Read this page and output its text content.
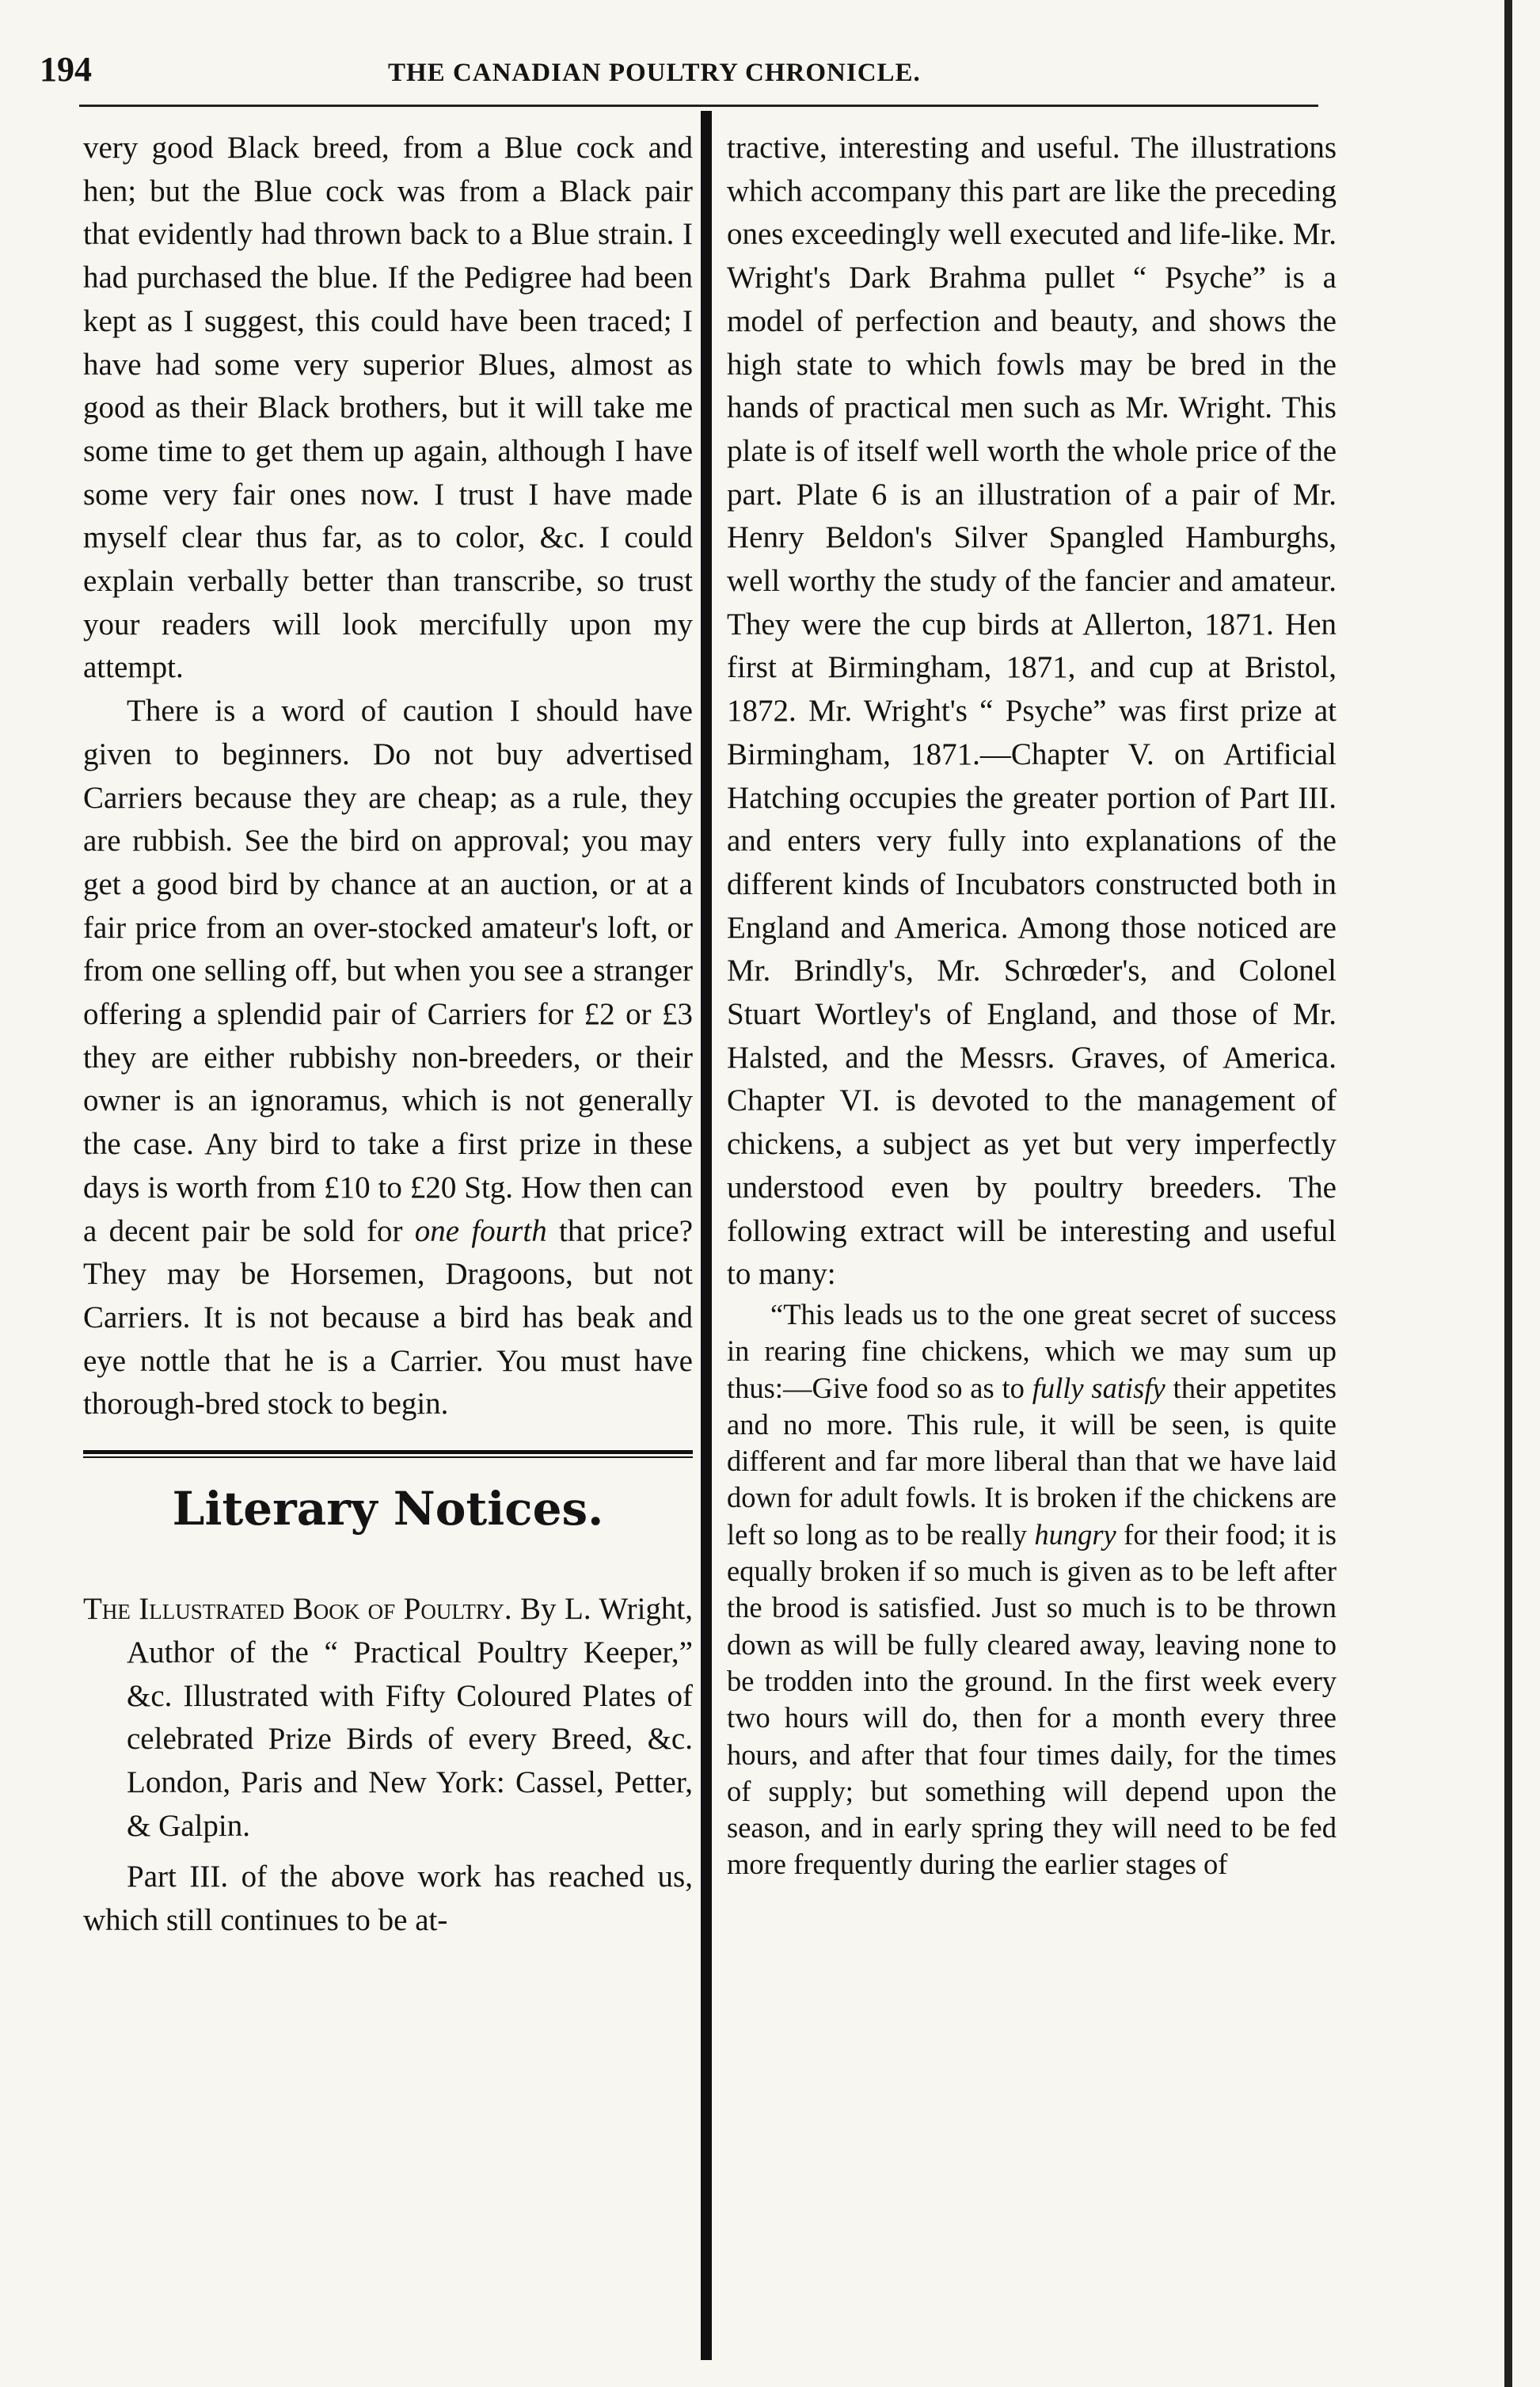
194	THE CANADIAN POULTRY CHRONICLE.

very good Black breed, from a Blue cock and hen; but the Blue cock was from a Black pair that evidently had thrown back to a Blue strain. I had purchased the blue. If the Pedigree had been kept as I suggest, this could have been traced; I have had some very superior Blues, almost as good as their Black brothers, but it will take me some time to get them up again, although I have some very fair ones now. I trust I have made myself clear thus far, as to color, &c. I could explain verbally better than transcribe, so trust your readers will look mercifully upon my attempt.

There is a word of caution I should have given to beginners. Do not buy advertised Carriers because they are cheap; as a rule, they are rubbish. See the bird on approval; you may get a good bird by chance at an auction, or at a fair price from an over-stocked amateur's loft, or from one selling off, but when you see a stranger offering a splendid pair of Carriers for £2 or £3 they are either rubbishy non-breeders, or their owner is an ignoramus, which is not generally the case. Any bird to take a first prize in these days is worth from £10 to £20 Stg. How then can a decent pair be sold for one fourth that price? They may be Horsemen, Dragoons, but not Carriers. It is not because a bird has beak and eye nottle that he is a Carrier. You must have thorough-bred stock to begin.

Literary Notices.

The Illustrated Book of Poultry. By L. Wright, Author of the “ Practical Poultry Keeper,” &c. Illustrated with Fifty Coloured Plates of celebrated Prize Birds of every Breed, &c. London, Paris and New York: Cassel, Petter, & Galpin.

Part III. of the above work has reached us, which still continues to be at-

tractive, interesting and useful. The illustrations which accompany this part are like the preceding ones exceedingly well executed and life-like. Mr. Wright's Dark Brahma pullet “ Psyche” is a model of perfection and beauty, and shows the high state to which fowls may be bred in the hands of practical men such as Mr. Wright. This plate is of itself well worth the whole price of the part. Plate 6 is an illustration of a pair of Mr. Henry Beldon's Silver Spangled Hamburghs, well worthy the study of the fancier and amateur. They were the cup birds at Allerton, 1871. Hen first at Birmingham, 1871, and cup at Bristol, 1872. Mr. Wright's “ Psyche” was first prize at Birmingham, 1871.—Chapter V. on Artificial Hatching occupies the greater portion of Part III. and enters very fully into explanations of the different kinds of Incubators constructed both in England and America. Among those noticed are Mr. Brindly's, Mr. Schrœder's, and Colonel Stuart Wortley's of England, and those of Mr. Halsted, and the Messrs. Graves, of America. Chapter VI. is devoted to the management of chickens, a subject as yet but very imperfectly understood even by poultry breeders. The following extract will be interesting and useful to many:

“This leads us to the one great secret of success in rearing fine chickens, which we may sum up thus:—Give food so as to fully satisfy their appetites and no more. This rule, it will be seen, is quite different and far more liberal than that we have laid down for adult fowls. It is broken if the chickens are left so long as to be really hungry for their food; it is equally broken if so much is given as to be left after the brood is satisfied. Just so much is to be thrown down as will be fully cleared away, leaving none to be trodden into the ground. In the first week every two hours will do, then for a month every three hours, and after that four times daily, for the times of supply; but something will depend upon the season, and in early spring they will need to be fed more frequently during the earlier stages of
